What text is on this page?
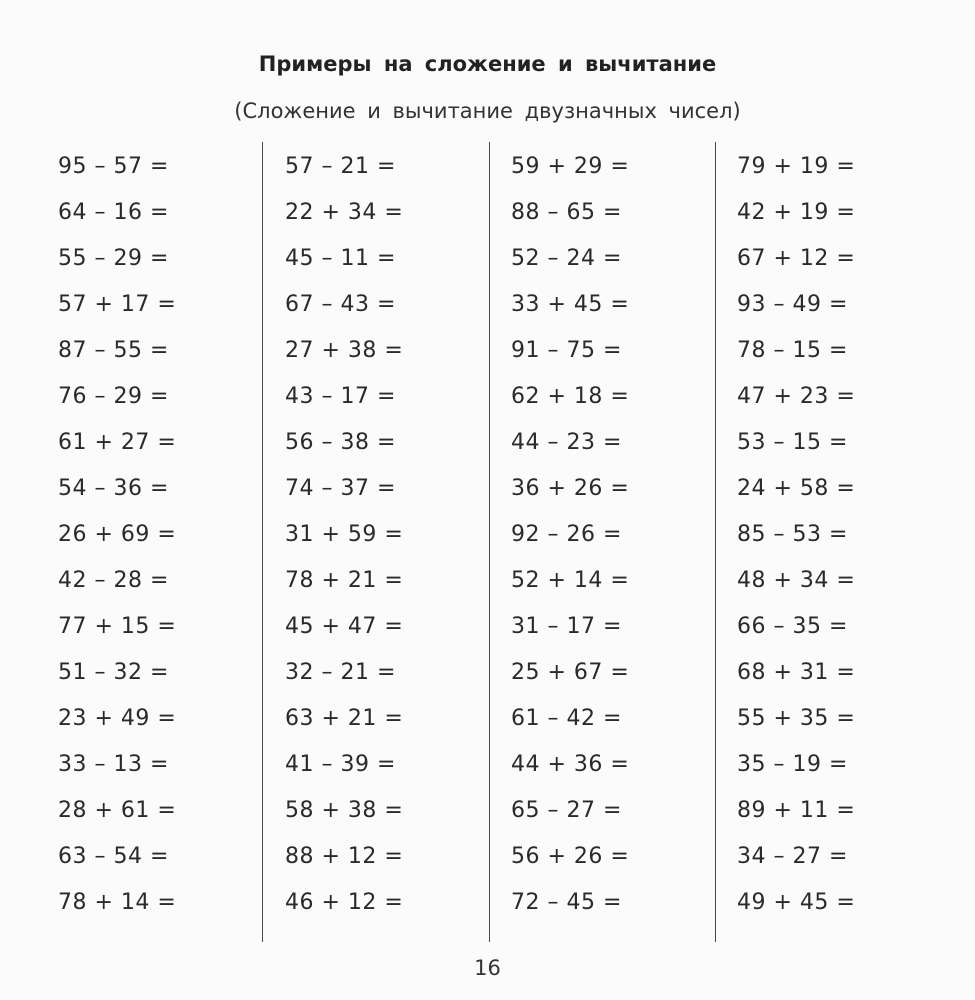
Примеры на сложение и вычитание
(Сложение и вычитание двузначных чисел)
95 – 57 =
64 – 16 =
55 – 29 =
57 + 17 =
87 – 55 =
76 – 29 =
61 + 27 =
54 – 36 =
26 + 69 =
42 – 28 =
77 + 15 =
51 – 32 =
23 + 49 =
33 – 13 =
28 + 61 =
63 – 54 =
78 + 14 =
57 – 21 =
22 + 34 =
45 – 11 =
67 – 43 =
27 + 38 =
43 – 17 =
56 – 38 =
74 – 37 =
31 + 59 =
78 + 21 =
45 + 47 =
32 – 21 =
63 + 21 =
41 – 39 =
58 + 38 =
88 + 12 =
46 + 12 =
59 + 29 =
88 – 65 =
52 – 24 =
33 + 45 =
91 – 75 =
62 + 18 =
44 – 23 =
36 + 26 =
92 – 26 =
52 + 14 =
31 – 17 =
25 + 67 =
61 – 42 =
44 + 36 =
65 – 27 =
56 + 26 =
72 – 45 =
79 + 19 =
42 + 19 =
67 + 12 =
93 – 49 =
78 – 15 =
47 + 23 =
53 – 15 =
24 + 58 =
85 – 53 =
48 + 34 =
66 – 35 =
68 + 31 =
55 + 35 =
35 – 19 =
89 + 11 =
34 – 27 =
49 + 45 =
16
